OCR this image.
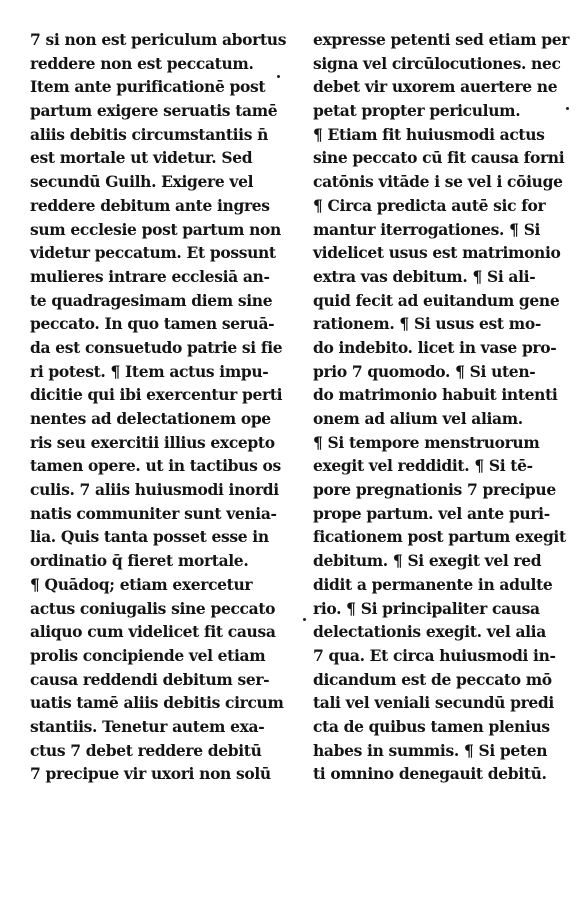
7 si non est periculum abortus
reddere non est peccatum.
Item ante purificationē post
partum exigere seruatis tamē
aliis debitis circumstantiis n̄
est mortale ut videtur. Sed
secundū Guilh. Exigere vel
reddere debitum ante ingres
sum ecclesie post partum non
videtur peccatum. Et possunt
mulieres intrare ecclesiā an-
te quadragesimam diem sine
peccato. In quo tamen seruā-
da est consuetudo patrie si fie
ri potest. ¶ Item actus impu-
dicitie qui ibi exercentur perti
nentes ad delectationem ope
ris seu exercitii illius excepto
tamen opere. ut in tactibus os
culis. 7 aliis huiusmodi inordi
natis communiter sunt venia-
lia. Quis tanta posset esse in
ordinatio q̄ fieret mortale.
¶ Quādoq; etiam exercetur
actus coniugalis sine peccato
aliquo cum videlicet fit causa
prolis concipiende vel etiam
causa reddendi debitum ser-
uatis tamē aliis debitis circum
stantiis. Tenetur autem exa-
ctus 7 debet reddere debitū
7 precipue vir uxori non solū
expresse petenti sed etiam per
signa vel circūlocutiones. nec
debet vir uxorem auertere ne
petat propter periculum.
¶ Etiam fit huiusmodi actus
sine peccato cū fit causa forni
catōnis vitāde i se vel i cōiuge
¶ Circa predicta autē sic for
mantur iterrogationes. ¶ Si
videlicet usus est matrimonio
extra vas debitum. ¶ Si ali-
quid fecit ad euitandum gene
rationem. ¶ Si usus est mo-
do indebito. licet in vase pro-
prio 7 quomodo. ¶ Si uten-
do matrimonio habuit intenti
onem ad alium vel aliam.
¶ Si tempore menstruorum
exegit vel reddidit. ¶ Si tē-
pore pregnationis 7 precipue
prope partum. vel ante puri-
ficationem post partum exegit
debitum. ¶ Si exegit vel red
didit a permanente in adulte
rio. ¶ Si principaliter causa
delectationis exegit. vel alia
7 qua. Et circa huiusmodi in-
dicandum est de peccato mō
tali vel veniali secundū predi
cta de quibus tamen plenius
habes in summis. ¶ Si peten
ti omnino denegauit debitū.
